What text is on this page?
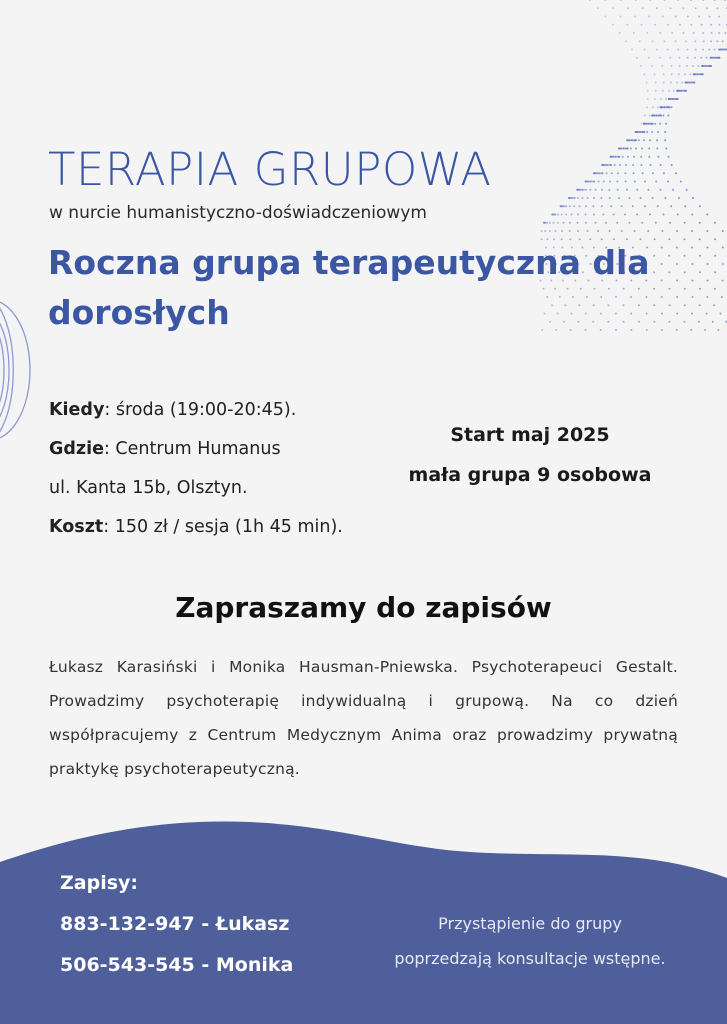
TERAPIA GRUPOWA
w nurcie humanistyczno-doświadczeniowym
Roczna grupa terapeutyczna dla dorosłych
Kiedy: środa (19:00-20:45).
Gdzie: Centrum Humanus
ul. Kanta 15b, Olsztyn.
Koszt: 150 zł / sesja (1h 45 min).
Start maj 2025
mała grupa 9 osobowa
Zapraszamy do zapisów
Łukasz Karasiński i Monika Hausman-Pniewska. Psychoterapeuci Gestalt. Prowadzimy psychoterapię indywidualną i grupową. Na co dzień współpracujemy z Centrum Medycznym Anima oraz prowadzimy prywatną praktykę psychoterapeutyczną.
Zapisy:
883-132-947 - Łukasz
506-543-545 - Monika
Przystąpienie do grupy
poprzedzają konsultacje wstępne.
